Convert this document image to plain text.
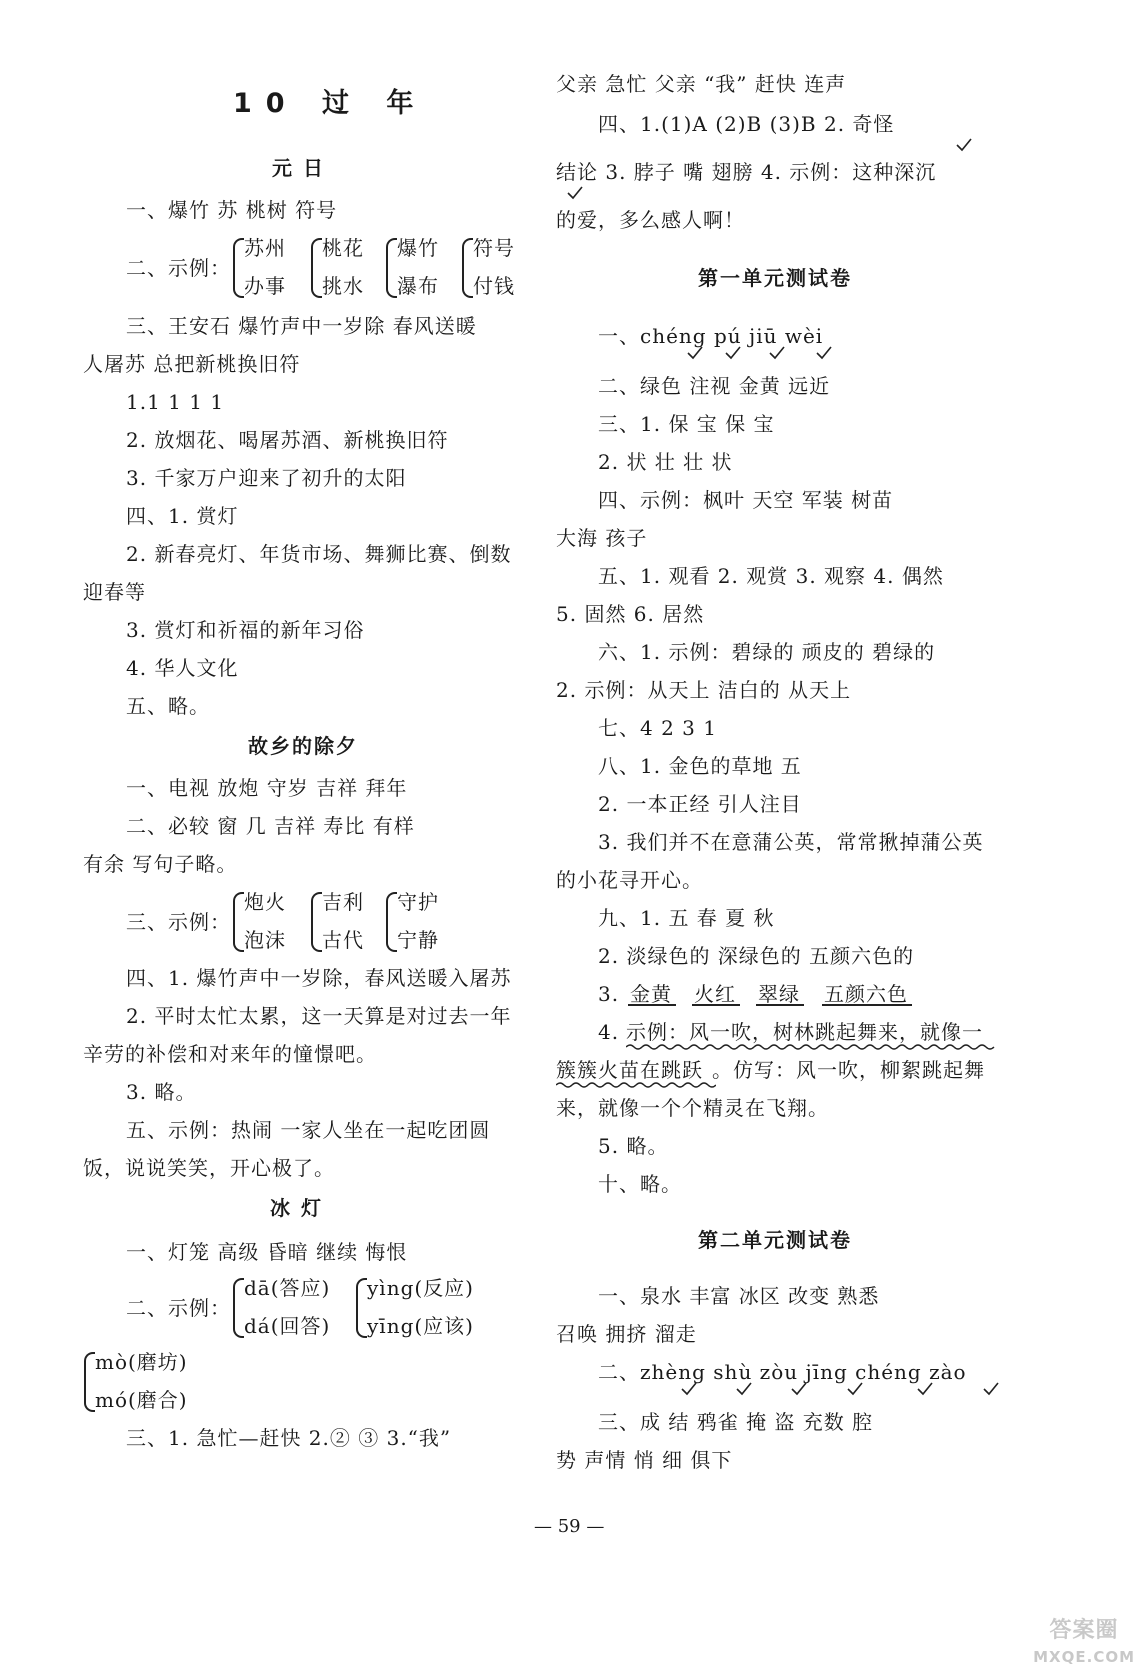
10 过 年
元 日
一、爆竹 苏 桃树 符号
二、示例：
苏州
办事
桃花
挑水
爆竹
瀑布
符号
付钱
三、王安石 爆竹声中一岁除 春风送暖
人屠苏 总把新桃换旧符
1.1 1 1 1
2. 放烟花、喝屠苏酒、新桃换旧符
3. 千家万户迎来了初升的太阳
四、1. 赏灯
2. 新春亮灯、年货市场、舞狮比赛、倒数
迎春等
3. 赏灯和祈福的新年习俗
4. 华人文化
五、略。
故乡的除夕
一、电视 放炮 守岁 吉祥 拜年
二、必较 窗 几 吉祥 寿比 有样
有余 写句子略。
三、示例：
炮火
泡沫
吉利
古代
守护
宁静
四、1. 爆竹声中一岁除，春风送暖入屠苏
2. 平时太忙太累，这一天算是对过去一年
辛劳的补偿和对来年的憧憬吧。
3. 略。
五、示例：热闹 一家人坐在一起吃团圆
饭，说说笑笑，开心极了。
冰 灯
一、灯笼 高级 昏暗 继续 悔恨
二、示例：
dā(答应)
dá(回答)
yìng(反应)
yīng(应该)
mò(磨坊)
mó(磨合)
三、1. 急忙—赶快 2.② ③ 3.“我”
父亲 急忙 父亲 “我” 赶快 连声
四、1.(1)A (2)B (3)B 2. 奇怪
结论 3. 脖子 嘴 翅膀 4. 示例：这种深沉
的爱，多么感人啊！
第一单元测试卷
一、chéng pú jiū wèi
二、绿色 注视 金黄 远近
三、1. 保 宝 保 宝
2. 状 壮 壮 状
四、示例：枫叶 天空 军装 树苗
大海 孩子
五、1. 观看 2. 观赏 3. 观察 4. 偶然
5. 固然 6. 居然
六、1. 示例：碧绿的 顽皮的 碧绿的
2. 示例：从天上 洁白的 从天上
七、4 2 3 1
八、1. 金色的草地 五
2. 一本正经 引人注目
3. 我们并不在意蒲公英，常常揪掉蒲公英
的小花寻开心。
九、1. 五 春 夏 秋
2. 淡绿色的 深绿色的 五颜六色的
3. 金黄 火红 翠绿 五颜六色
4. 示例：风一吹，树林跳起舞来，就像一
簇簇火苗在跳跃 。仿写：风一吹，柳絮跳起舞
来，就像一个个精灵在飞翔。
5. 略。
十、略。
第二单元测试卷
一、泉水 丰富 冰区 改变 熟悉
召唤 拥挤 溜走
二、zhèng shù zòu jīng chéng zào
三、成 结 鸦雀 掩 盗 充数 腔
势 声情 悄 细 俱下
— 59 —
答案圈
MXQE.COM
